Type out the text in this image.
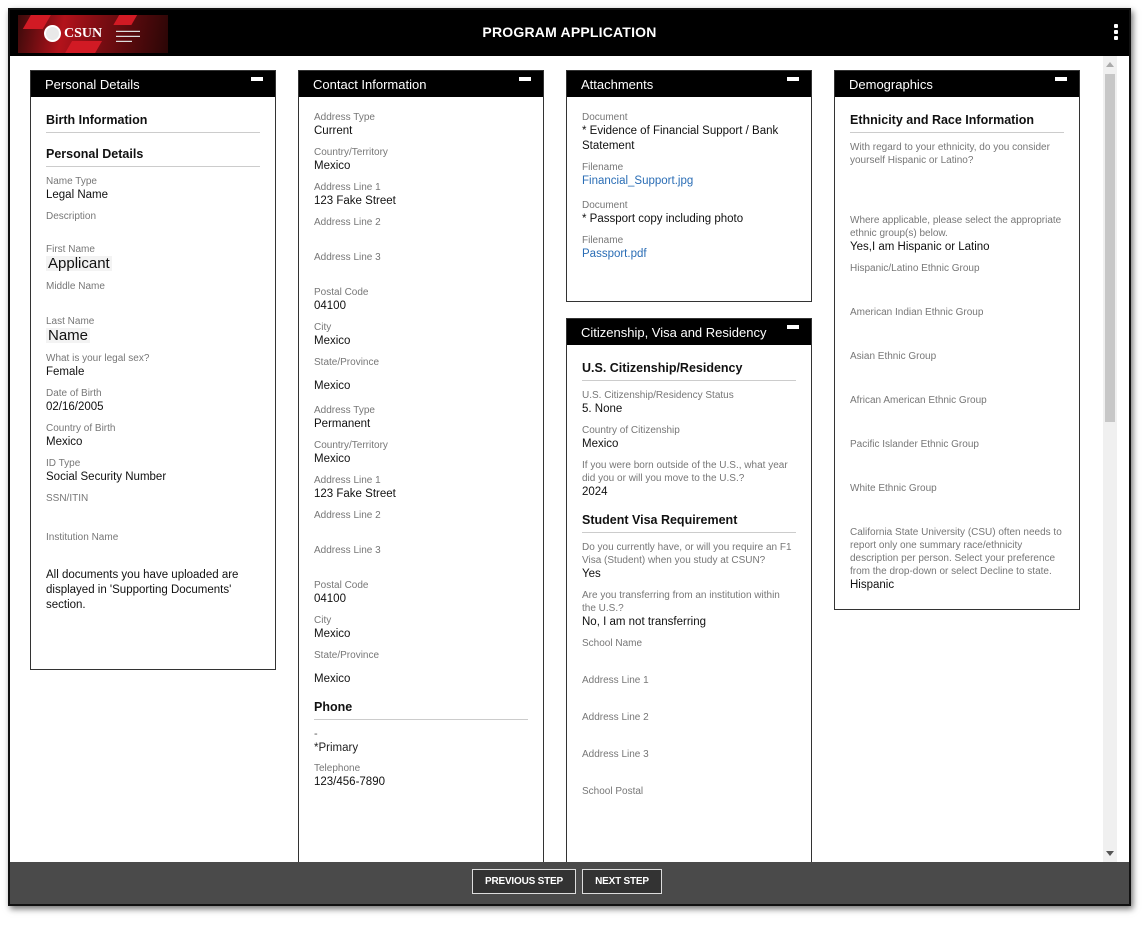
CSUN	▬▬▬▬▬▬
▬▬▬▬▬▬
▬▬▬▬
PROGRAM APPLICATION
Personal Details
Birth Information
Personal Details
Name Type
Legal Name
Description
First Name
Applicant
Middle Name
Last Name
Name
What is your legal sex?
Female
Date of Birth
02/16/2005
Country of Birth
Mexico
ID Type
Social Security Number
SSN/ITIN
Institution Name
All documents you have uploaded are displayed in 'Supporting Documents' section.
Contact Information
Address Type
Current
Country/Territory
Mexico
Address Line 1
123 Fake Street
Address Line 2
Address Line 3
Postal Code
04100
City
Mexico
State/Province
Mexico
Address Type
Permanent
Country/Territory
Mexico
Address Line 1
123 Fake Street
Address Line 2
Address Line 3
Postal Code
04100
City
Mexico
State/Province
Mexico
Phone
-
*Primary
Telephone
123/456-7890
Attachments
Document
* Evidence of Financial Support / Bank Statement
Filename
Financial_Support.jpg
Document
* Passport copy including photo
Filename
Passport.pdf
Citizenship, Visa and Residency
U.S. Citizenship/Residency
U.S. Citizenship/Residency Status
5. None
Country of Citizenship
Mexico
If you were born outside of the U.S., what year did you or will you move to the U.S.?
2024
Student Visa Requirement
Do you currently have, or will you require an F1 Visa (Student) when you study at CSUN?
Yes
Are you transferring from an institution within the U.S.?
No, I am not transferring
School Name
Address Line 1
Address Line 2
Address Line 3
School Postal
Demographics
Ethnicity and Race Information
With regard to your ethnicity, do you consider yourself Hispanic or Latino?
Where applicable, please select the appropriate ethnic group(s) below.
Yes,I am Hispanic or Latino
Hispanic/Latino Ethnic Group
American Indian Ethnic Group
Asian Ethnic Group
African American Ethnic Group
Pacific Islander Ethnic Group
White Ethnic Group
California State University (CSU) often needs to report only one summary race/ethnicity description per person. Select your preference from the drop-down or select Decline to state.
Hispanic
PREVIOUS STEP	NEXT STEP
